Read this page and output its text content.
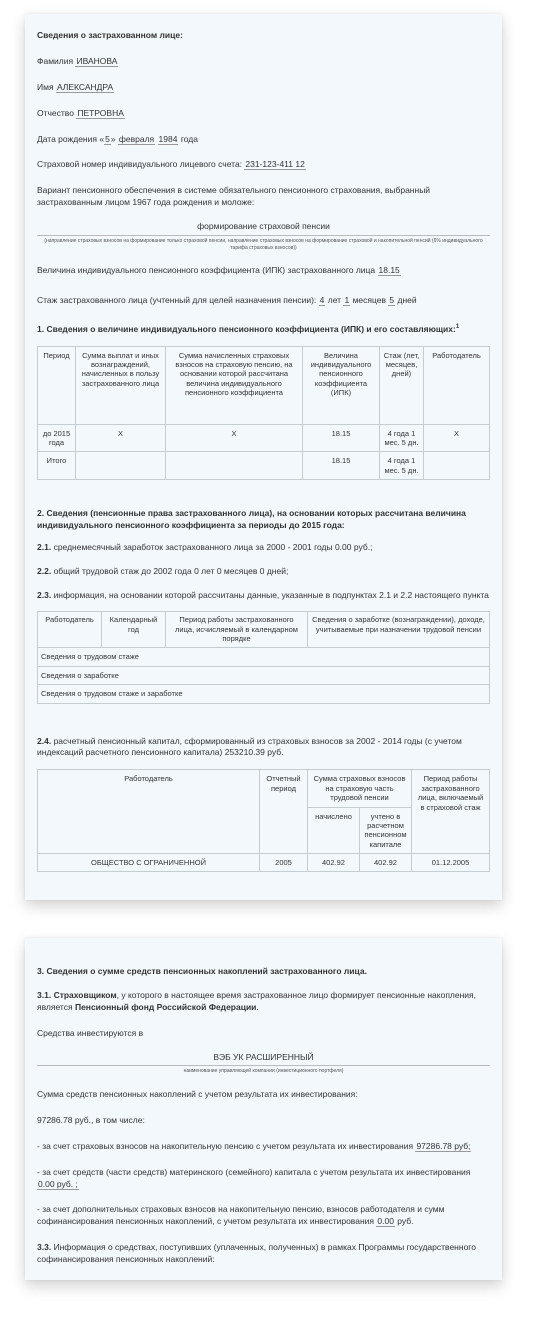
Сведения о застрахованном лице:
Фамилия ИВАНОВА
Имя АЛЕКСАНДРА
Отчество ПЕТРОВНА
Дата рождения «5» февраля 1984 года
Страховой номер индивидуального лицевого счета: 231-123-411 12
Вариант пенсионного обеспечения в системе обязательного пенсионного страхования, выбранный застрахованным лицом 1967 года рождения и моложе:
формирование страховой пенсии
(направление страховых взносов на формирование только страховой пенсии, направление страховых взносов на формирование страховой и накопительной пенсий (6% индивидуального тарифа страховых взносов))
Величина индивидуального пенсионного коэффициента (ИПК) застрахованного лица 18.15
Стаж застрахованного лица (учтенный для целей назначения пенсии): 4 лет 1 месяцев 5 дней
1. Сведения о величине индивидуального пенсионного коэффициента (ИПК) и его составляющих:$^1$
Период	Сумма выплат и иных вознаграждений, начисленных в пользу застрахованного лица	Сумма начисленных страховых взносов на страховую пенсию, на основании которой рассчитана величина индивидуального пенсионного коэффициента	Величина индивидуального пенсионного коэффициента (ИПК)	Стаж (лет, месяцев, дней)	Работодатель
до 2015 года	Х	Х	18.15	4 года 1 мес. 5 дн.	Х
Итого			18.15	4 года 1 мес. 5 дн.	
2. Сведения (пенсионные права застрахованного лица), на основании которых рассчитана величина индивидуального пенсионного коэффициента за периоды до 2015 года:
2.1. среднемесячный заработок застрахованного лица за 2000 - 2001 годы 0.00 руб.;
2.2. общий трудовой стаж до 2002 года 0 лет 0 месяцев 0 дней;
2.3. информация, на основании которой рассчитаны данные, указанные в подпунктах 2.1 и 2.2 настоящего пункта
Работодатель	Календарный год	Период работы застрахованного лица, исчисляемый в календарном порядке	Сведения о заработке (вознаграждении), доходе, учитываемые при назначении трудовой пенсии
Сведения о трудовом стаже
Сведения о заработке
Сведения о трудовом стаже и заработке
2.4. расчетный пенсионный капитал, сформированный из страховых взносов за 2002 - 2014 годы (с учетом индексаций расчетного пенсионного капитала) 253210.39 руб.
Работодатель	Отчетный период	Сумма страховых взносов на страховую часть трудовой пенсии		Период работы застрахованного лица, включаемый в страховой стаж
		начислено	учтено в расчетном пенсионном капитале	
ОБЩЕСТВО С ОГРАНИЧЕННОЙ	2005	402.92	402.92	01.12.2005
3. Сведения о сумме средств пенсионных накоплений застрахованного лица.
3.1. Страховщиком, у которого в настоящее время застрахованное лицо формирует пенсионные накопления, является Пенсионный фонд Российской Федерации.
Средства инвестируются в
ВЭБ УК РАСШИРЕННЫЙ
наименование управляющей компании (инвестиционного портфеля)
Сумма средств пенсионных накоплений с учетом результата их инвестирования:
97286.78 руб., в том числе:
- за счет страховых взносов на накопительную пенсию с учетом результата их инвестирования 97286.78 руб;
- за счет средств (части средств) материнского (семейного) капитала с учетом результата их инвестирования 0.00 руб. ;
- за счет дополнительных страховых взносов на накопительную пенсию, взносов работодателя и сумм софинансирования пенсионных накоплений, с учетом результата их инвестирования 0.00 руб.
3.3. Информация о средствах, поступивших (уплаченных, полученных) в рамках Программы государственного софинансирования пенсионных накоплений:
